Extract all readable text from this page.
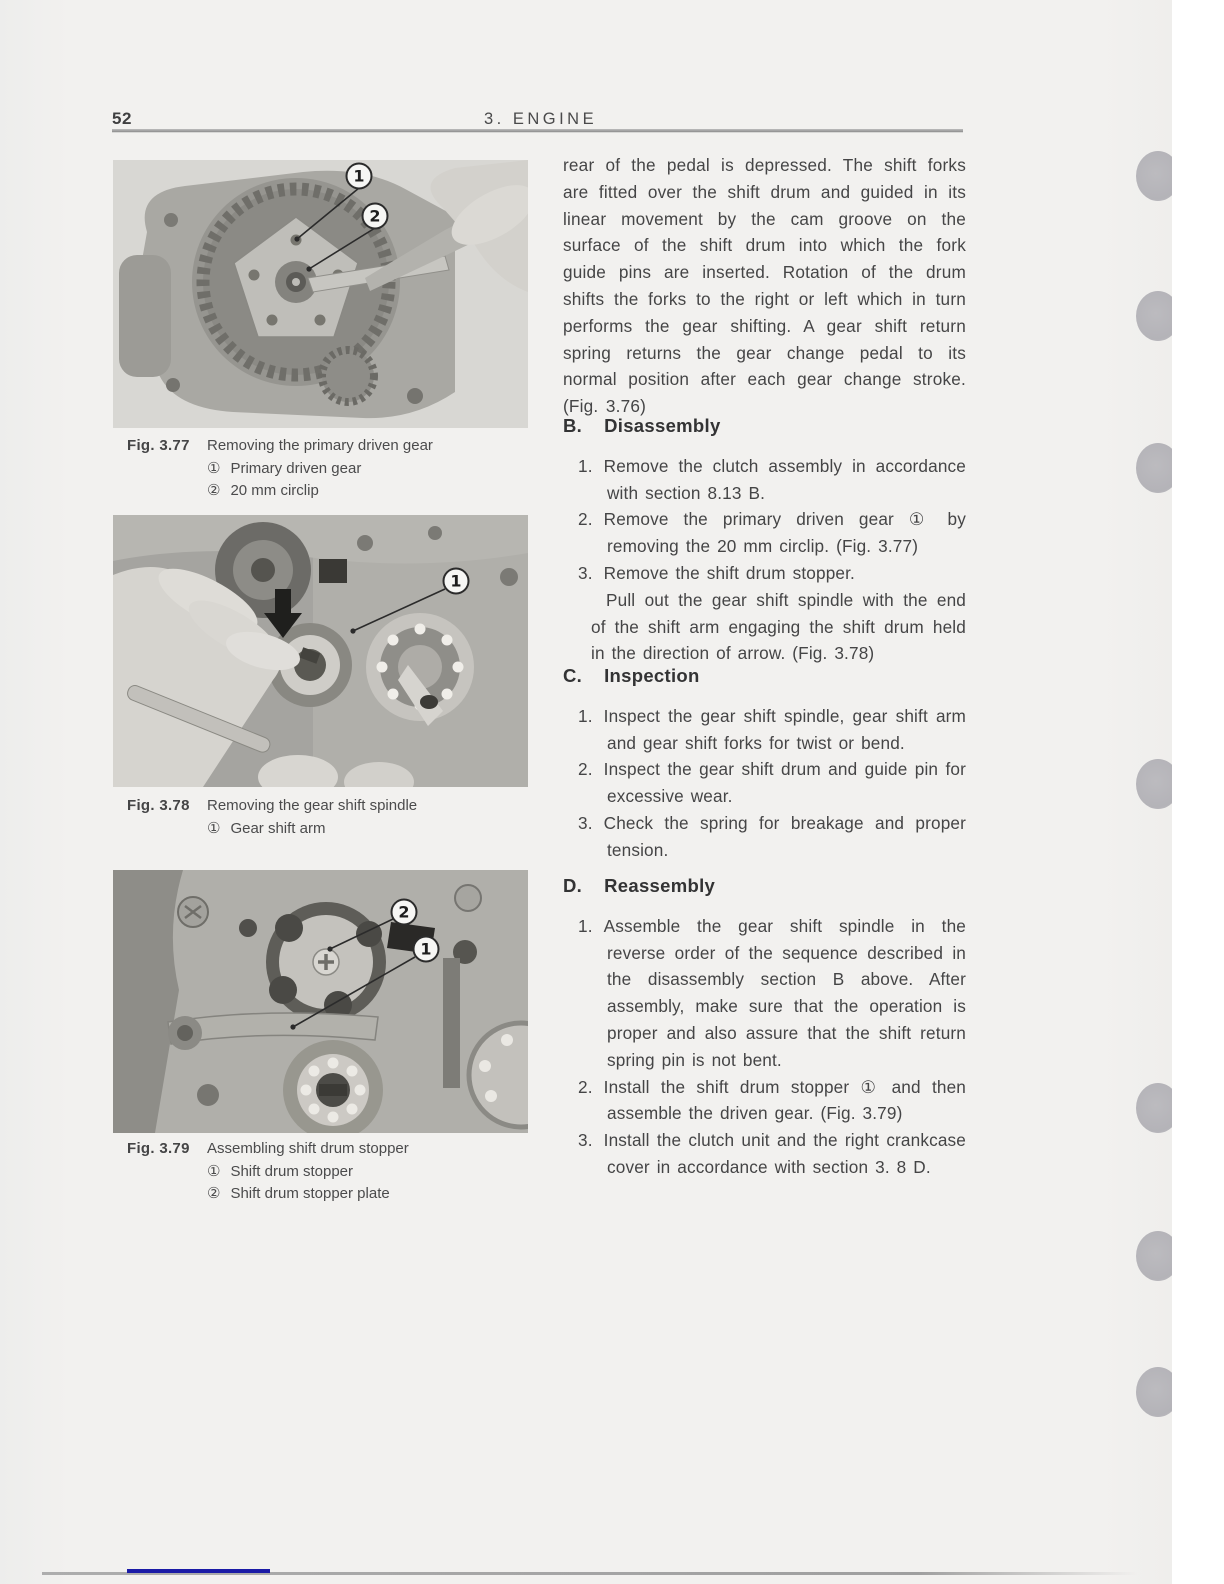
52	3. ENGINE
1
2
Fig. 3.77	Removing the primary driven gear
① Primary driven gear
② 20 mm circlip
1
Fig. 3.78	Removing the gear shift spindle
① Gear shift arm
2
1
Fig. 3.79	Assembling shift drum stopper
① Shift drum stopper
② Shift drum stopper plate
rear of the pedal is depressed. The shift forks are fitted over the shift drum and guided in its linear movement by the cam groove on the surface of the shift drum into which the fork guide pins are inserted. Rotation of the drum shifts the forks to the right or left which in turn performs the gear shifting. A gear shift return spring returns the gear change pedal to its normal position after each gear change stroke. (Fig. 3.76)
B. Disassembly
1. Remove the clutch assembly in accordance with section 8.13 B.
2. Remove the primary driven gear ① by removing the 20 mm circlip. (Fig. 3.77)
3. Remove the shift drum stopper.
Pull out the gear shift spindle with the end of the shift arm engaging the shift drum held in the direction of arrow. (Fig. 3.78)
C. Inspection
1. Inspect the gear shift spindle, gear shift arm and gear shift forks for twist or bend.
2. Inspect the gear shift drum and guide pin for excessive wear.
3. Check the spring for breakage and proper tension.
D. Reassembly
1. Assemble the gear shift spindle in the reverse order of the sequence described in the disassembly section B above. After assembly, make sure that the operation is proper and also assure that the shift return spring pin is not bent.
2. Install the shift drum stopper ① and then assemble the driven gear. (Fig. 3.79)
3. Install the clutch unit and the right crankcase cover in accordance with section 3. 8 D.
